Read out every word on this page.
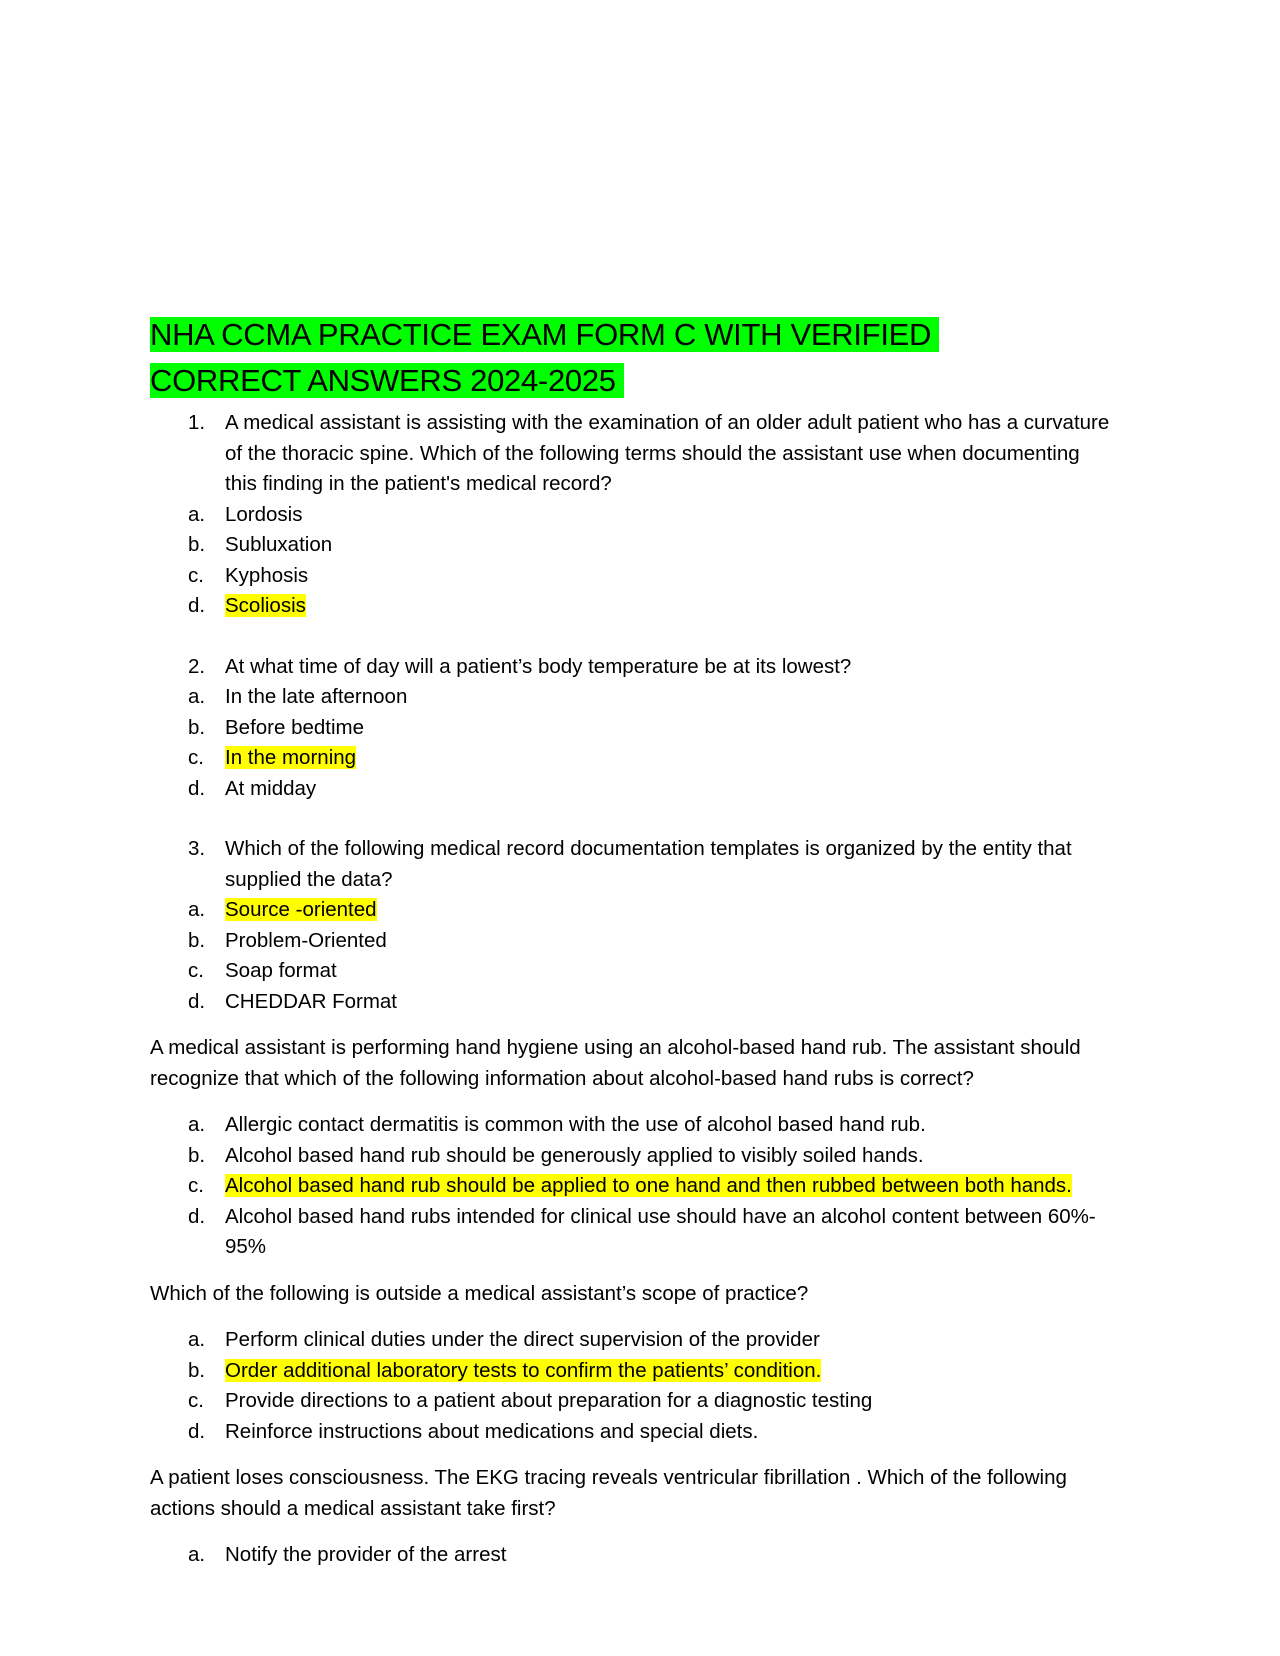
NHA CCMA PRACTICE EXAM FORM C WITH VERIFIED
CORRECT ANSWERS 2024-2025
1. A medical assistant is assisting with the examination of an older adult patient who has a curvature of the thoracic spine. Which of the following terms should the assistant use when documenting this finding in the patient's medical record?
a. Lordosis
b. Subluxation
c.	Kyphosis
d. Scoliosis
2. At what time of day will a patient’s body temperature be at its lowest?
a. In the late afternoon
b. Before bedtime
c.	In the morning
d. At midday
3. Which of the following medical record documentation templates is organized by the entity that supplied the data?
a. Source -oriented
b. Problem-Oriented
c.	Soap format
d. CHEDDAR Format

A medical assistant is performing hand hygiene using an alcohol-based hand rub. The assistant should recognize that which of the following information about alcohol-based hand rubs is correct?

a. Allergic contact dermatitis is common with the use of alcohol based hand rub.
b. Alcohol based hand rub should be generously applied to visibly soiled hands.
c.	Alcohol based hand rub should be applied to one hand and then rubbed between both hands.
d. Alcohol based hand rubs intended for clinical use should have an alcohol content between 60%- 95%

Which of the following is outside a medical assistant’s scope of practice?

a. Perform clinical duties under the direct supervision of the provider
b. Order additional laboratory tests to confirm the patients’ condition.
c.	Provide directions to a patient about preparation for a diagnostic testing
d. Reinforce instructions about medications and special diets.

A patient loses consciousness. The EKG tracing reveals ventricular fibrillation . Which of the following actions should a medical assistant take first?

a. Notify the provider of the arrest
